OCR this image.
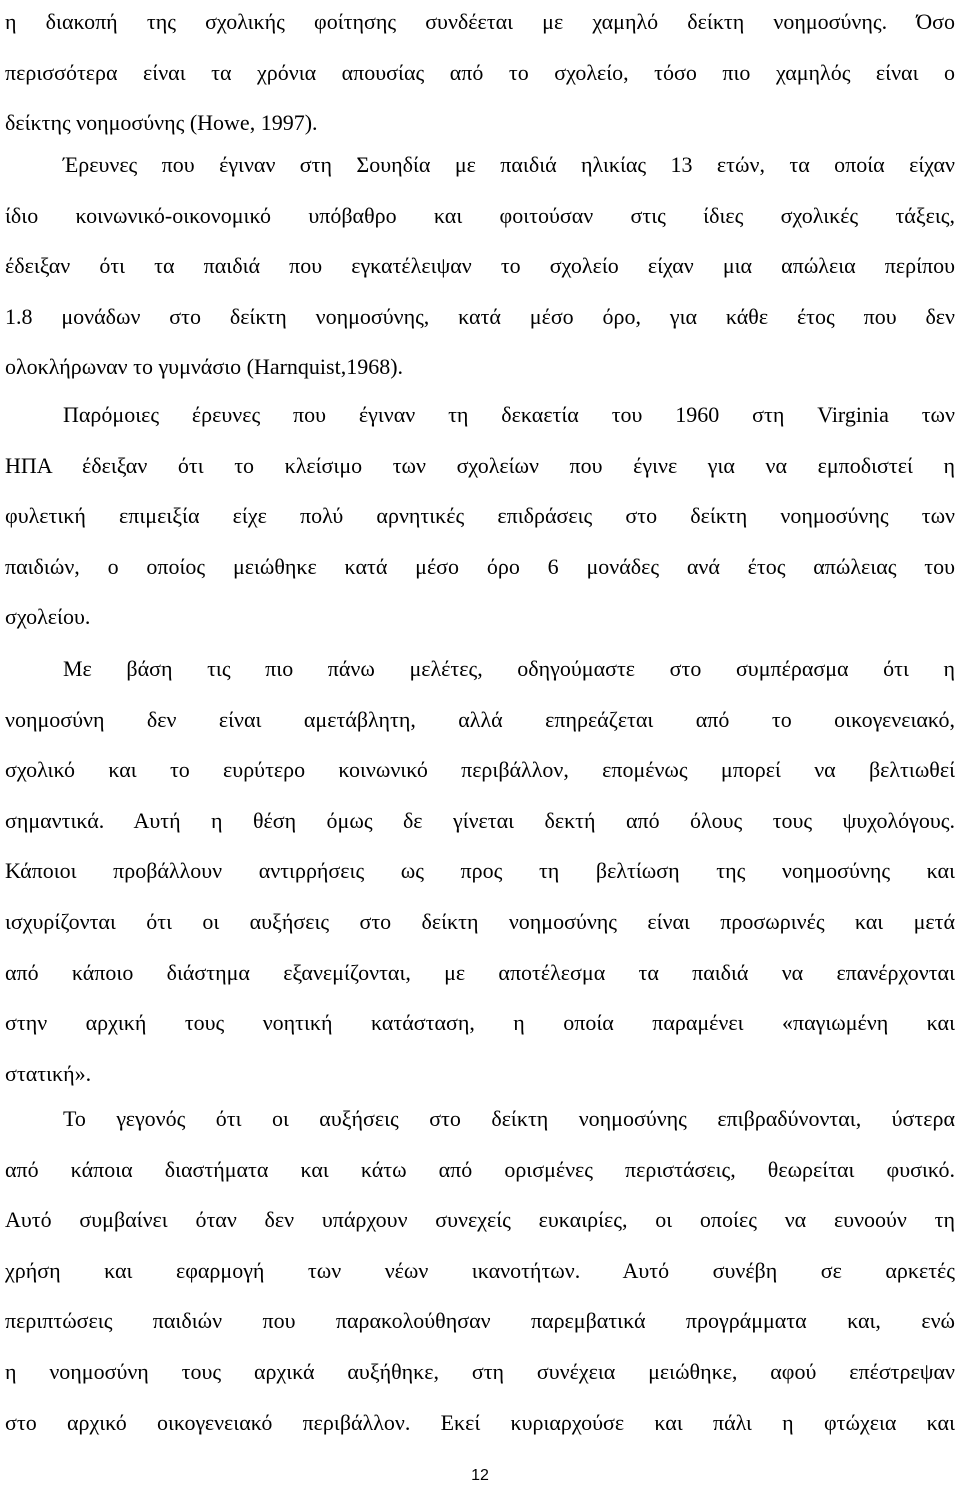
η διακοπή της σχολικής φοίτησης συνδέεται με χαμηλό δείκτη νοημοσύνης. Όσο
περισσότερα είναι τα χρόνια απουσίας από το σχολείο, τόσο πιο χαμηλός είναι ο
δείκτης νοημοσύνης (Howe, 1997).

Έρευνες που έγιναν στη Σουηδία με παιδιά ηλικίας 13 ετών, τα οποία είχαν
ίδιο κοινωνικό-οικονομικό υπόβαθρο και φοιτούσαν στις ίδιες σχολικές τάξεις,
έδειξαν ότι τα παιδιά που εγκατέλειψαν το σχολείο είχαν μια απώλεια περίπου
1.8 μονάδων στο δείκτη νοημοσύνης, κατά μέσο όρο, για κάθε έτος που δεν
ολοκλήρωναν το γυμνάσιο (Harnquist,1968).

Παρόμοιες έρευνες που έγιναν τη δεκαετία του 1960 στη Virginia των
ΗΠΑ έδειξαν ότι το κλείσιμο των σχολείων που έγινε για να εμποδιστεί η
φυλετική επιμειξία είχε πολύ αρνητικές επιδράσεις στο δείκτη νοημοσύνης των
παιδιών, ο οποίος μειώθηκε κατά μέσο όρο 6 μονάδες ανά έτος απώλειας του
σχολείου.

Με βάση τις πιο πάνω μελέτες, οδηγούμαστε στο συμπέρασμα ότι η
νοημοσύνη δεν είναι αμετάβλητη, αλλά επηρεάζεται από το οικογενειακό,
σχολικό και το ευρύτερο κοινωνικό περιβάλλον, επομένως μπορεί να βελτιωθεί
σημαντικά. Αυτή η θέση όμως δε γίνεται δεκτή από όλους τους ψυχολόγους.
Κάποιοι προβάλλουν αντιρρήσεις ως προς τη βελτίωση της νοημοσύνης και
ισχυρίζονται ότι οι αυξήσεις στο δείκτη νοημοσύνης είναι προσωρινές και μετά
από κάποιο διάστημα εξανεμίζονται, με αποτέλεσμα τα παιδιά να επανέρχονται
στην αρχική τους νοητική κατάσταση, η οποία παραμένει «παγιωμένη και
στατική».

Το γεγονός ότι οι αυξήσεις στο δείκτη νοημοσύνης επιβραδύνονται, ύστερα
από κάποια διαστήματα και κάτω από ορισμένες περιστάσεις, θεωρείται φυσικό.
Αυτό συμβαίνει όταν δεν υπάρχουν συνεχείς ευκαιρίες, οι οποίες να ευνοούν τη
χρήση και εφαρμογή των νέων ικανοτήτων. Αυτό συνέβη σε αρκετές
περιπτώσεις παιδιών που παρακολούθησαν παρεμβατικά προγράμματα και, ενώ
η νοημοσύνη τους αρχικά αυξήθηκε, στη συνέχεια μειώθηκε, αφού επέστρεψαν
στο αρχικό οικογενειακό περιβάλλον. Εκεί κυριαρχούσε και πάλι η φτώχεια και

12
